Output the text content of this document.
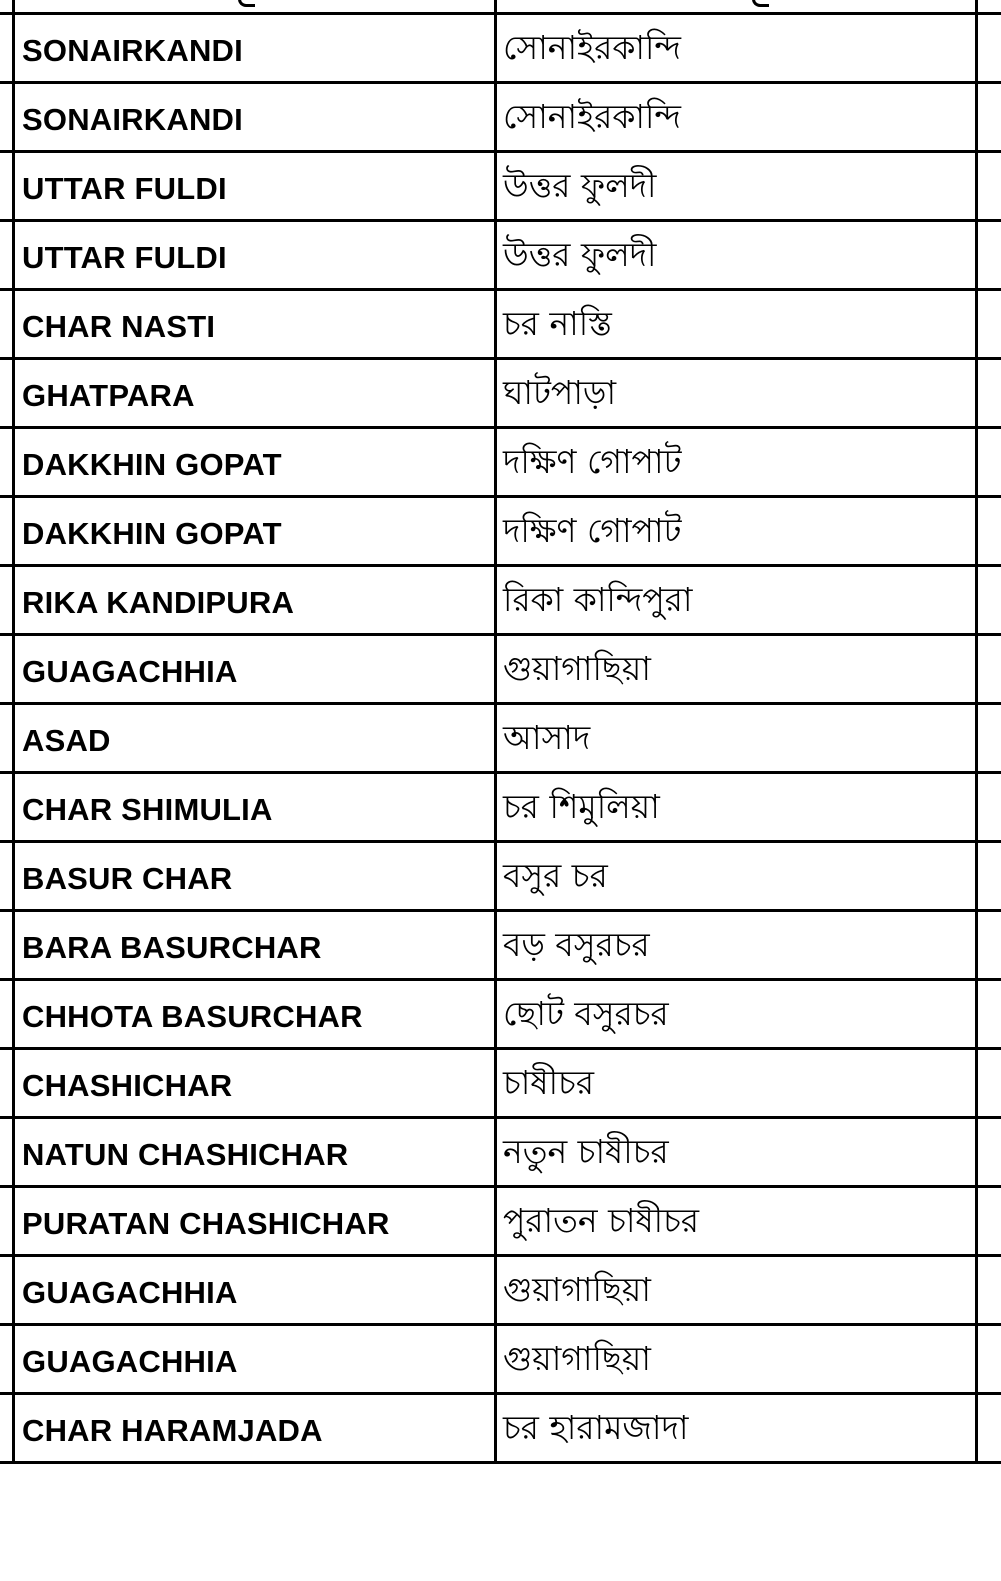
SONAIRKANDI	সোনাইরকান্দি
SONAIRKANDI	সোনাইরকান্দি
UTTAR FULDI	উত্তর ফুলদী
UTTAR FULDI	উত্তর ফুলদী
CHAR NASTI	চর নাস্তি
GHATPARA	ঘাটপাড়া
DAKKHIN GOPAT	দক্ষিণ গোপাট
DAKKHIN GOPAT	দক্ষিণ গোপাট
RIKA KANDIPURA	রিকা কান্দিপুরা
GUAGACHHIA	গুয়াগাছিয়া
ASAD	আসাদ
CHAR SHIMULIA	চর শিমুলিয়া
BASUR CHAR	বসুর চর
BARA BASURCHAR	বড় বসুরচর
CHHOTA BASURCHAR	ছোট বসুরচর
CHASHICHAR	চাষীচর
NATUN CHASHICHAR	নতুন চাষীচর
PURATAN CHASHICHAR	পুরাতন চাষীচর
GUAGACHHIA	গুয়াগাছিয়া
GUAGACHHIA	গুয়াগাছিয়া
CHAR HARAMJADA	চর হারামজাদা
